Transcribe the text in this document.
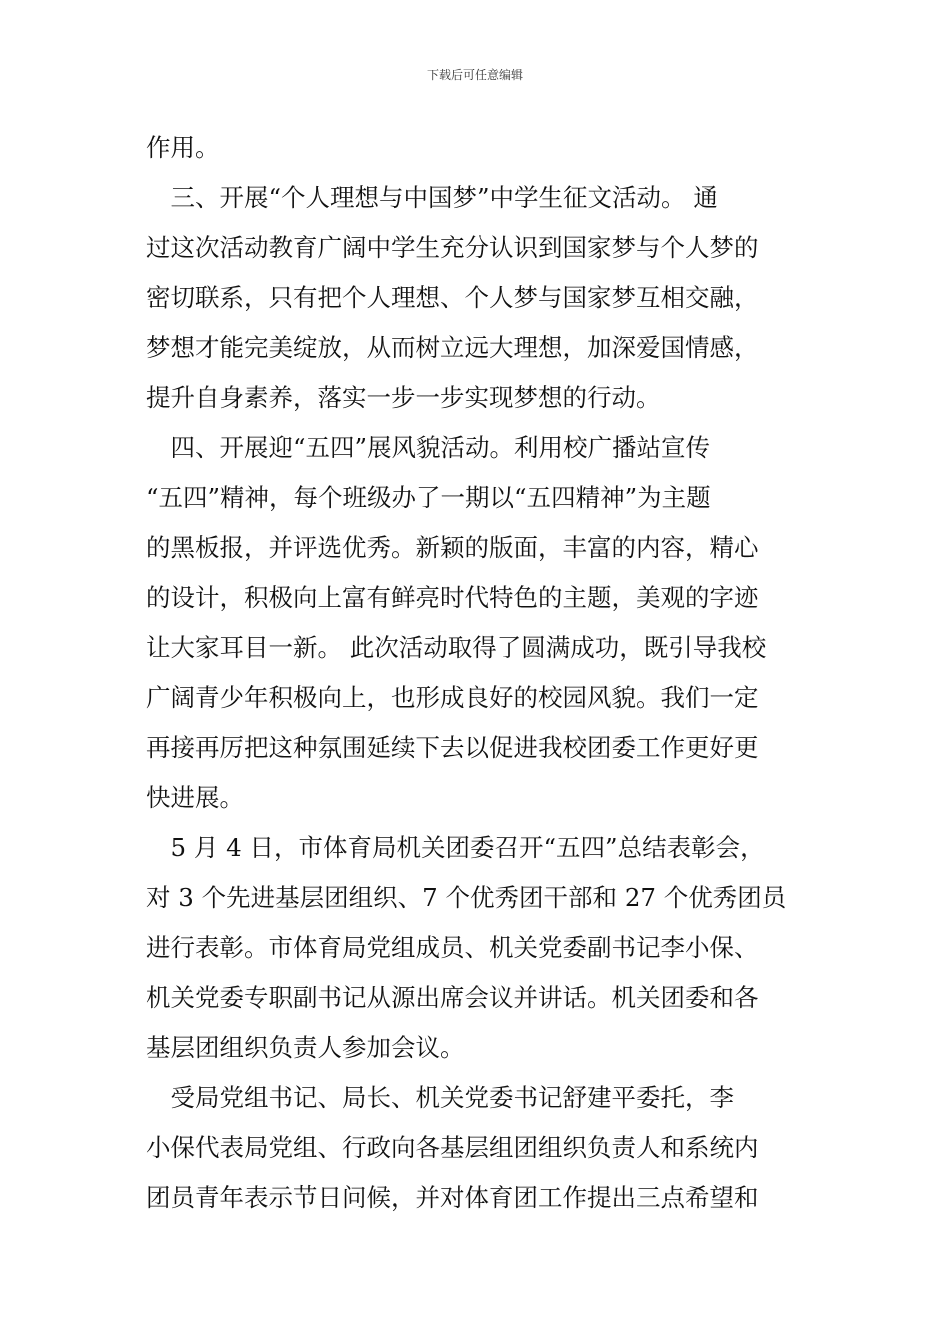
下载后可任意编辑
作用。
　三、开展“个人理想与中国梦”中学生征文活动。 通
过这次活动教育广阔中学生充分认识到国家梦与个人梦的
密切联系，只有把个人理想、个人梦与国家梦互相交融，
梦想才能完美绽放，从而树立远大理想，加深爱国情感，
提升自身素养，落实一步一步实现梦想的行动。
　四、开展迎“五四”展风貌活动。利用校广播站宣传
“五四”精神，每个班级办了一期以“五四精神”为主题
的黑板报，并评选优秀。新颖的版面，丰富的内容，精心
的设计，积极向上富有鲜亮时代特色的主题，美观的字迹
让大家耳目一新。 此次活动取得了圆满成功，既引导我校
广阔青少年积极向上，也形成良好的校园风貌。我们一定
再接再厉把这种氛围延续下去以促进我校团委工作更好更
快进展。
　5 月 4 日，市体育局机关团委召开“五四”总结表彰会，
对 3 个先进基层团组织、7 个优秀团干部和 27 个优秀团员
进行表彰。市体育局党组成员、机关党委副书记李小保、
机关党委专职副书记从源出席会议并讲话。机关团委和各
基层团组织负责人参加会议。
　受局党组书记、局长、机关党委书记舒建平委托，李
小保代表局党组、行政向各基层组团组织负责人和系统内
团员青年表示节日问候，并对体育团工作提出三点希望和
